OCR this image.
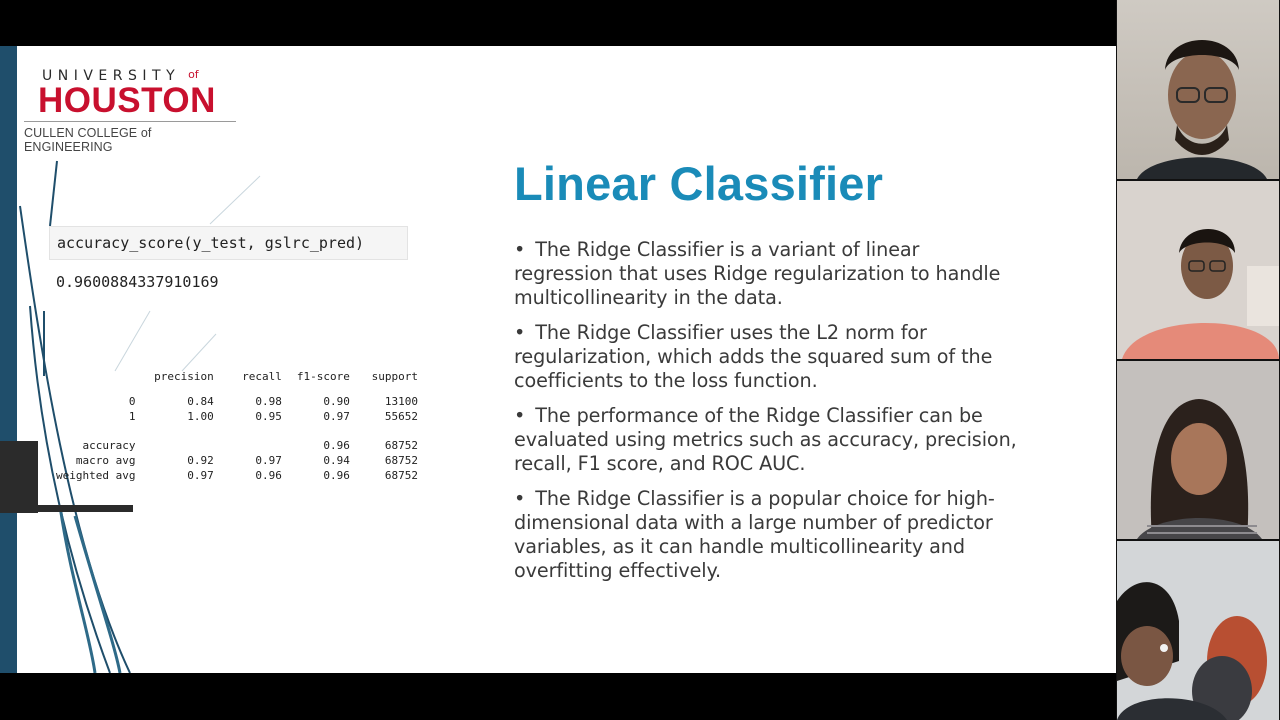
UNIVERSITY $^{of}$
HOUSTON
CULLEN COLLEGE of ENGINEERING
accuracy_score(y_test, gslrc_pred)
0.9600884337910169
	precision	recall	f1-score	support
0	0.84	0.98	0.90	13100
1	1.00	0.95	0.97	55652

accuracy			0.96	68752
macro avg	0.92	0.97	0.94	68752
weighted avg	0.97	0.96	0.96	68752
Linear Classifier
• The Ridge Classifier is a variant of linear regression that uses Ridge regularization to handle multicollinearity in the data.
• The Ridge Classifier uses the L2 norm for regularization, which adds the squared sum of the coefficients to the loss function.
• The performance of the Ridge Classifier can be evaluated using metrics such as accuracy, precision, recall, F1 score, and ROC AUC.
• The Ridge Classifier is a popular choice for high-dimensional data with a large number of predictor variables, as it can handle multicollinearity and overfitting effectively.
